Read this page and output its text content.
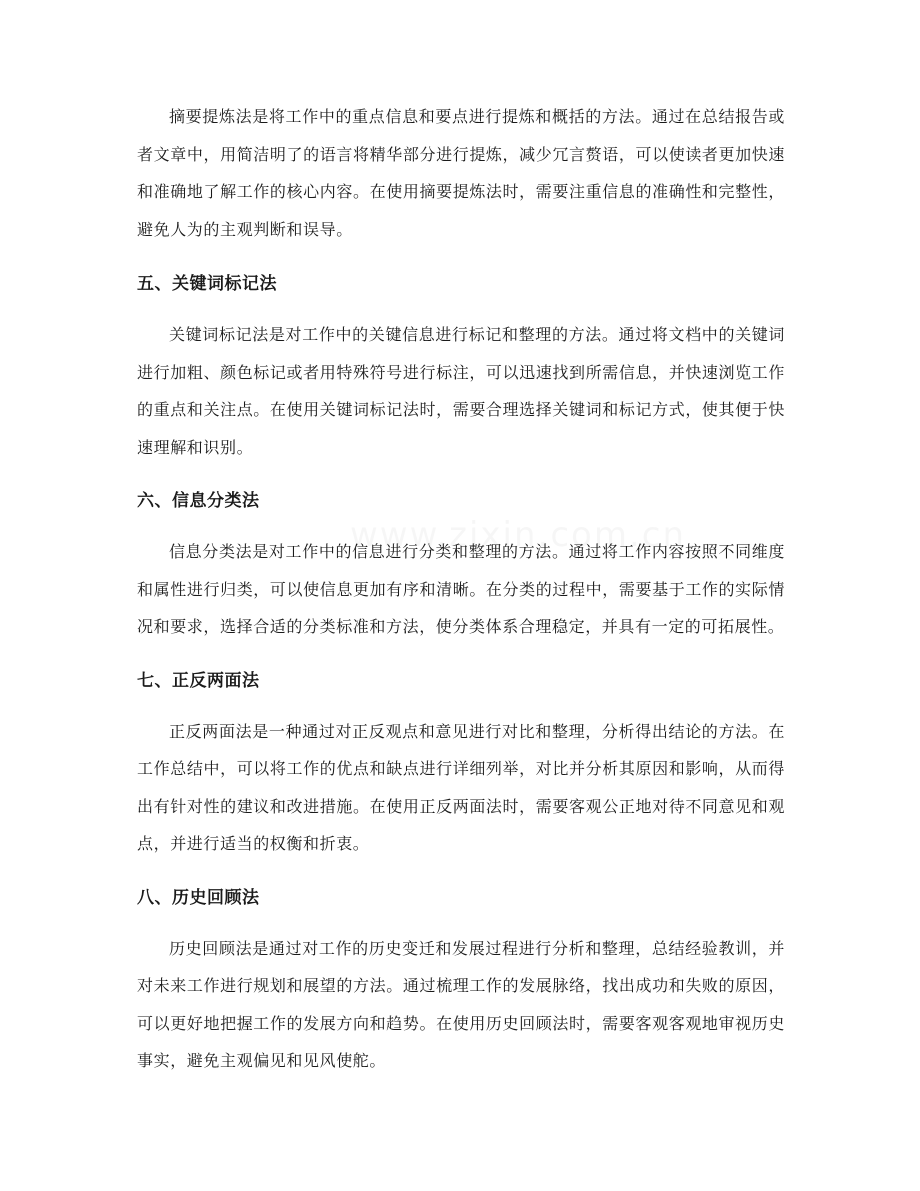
摘要提炼法是将工作中的重点信息和要点进行提炼和概括的方法。通过在总结报告或者文章中，用简洁明了的语言将精华部分进行提炼，减少冗言赘语，可以使读者更加快速和准确地了解工作的核心内容。在使用摘要提炼法时，需要注重信息的准确性和完整性，避免人为的主观判断和误导。

五、关键词标记法

关键词标记法是对工作中的关键信息进行标记和整理的方法。通过将文档中的关键词进行加粗、颜色标记或者用特殊符号进行标注，可以迅速找到所需信息，并快速浏览工作的重点和关注点。在使用关键词标记法时，需要合理选择关键词和标记方式，使其便于快速理解和识别。

六、信息分类法

信息分类法是对工作中的信息进行分类和整理的方法。通过将工作内容按照不同维度和属性进行归类，可以使信息更加有序和清晰。在分类的过程中，需要基于工作的实际情况和要求，选择合适的分类标准和方法，使分类体系合理稳定，并具有一定的可拓展性。

七、正反两面法

正反两面法是一种通过对正反观点和意见进行对比和整理，分析得出结论的方法。在工作总结中，可以将工作的优点和缺点进行详细列举，对比并分析其原因和影响，从而得出有针对性的建议和改进措施。在使用正反两面法时，需要客观公正地对待不同意见和观点，并进行适当的权衡和折衷。

八、历史回顾法

历史回顾法是通过对工作的历史变迁和发展过程进行分析和整理，总结经验教训，并对未来工作进行规划和展望的方法。通过梳理工作的发展脉络，找出成功和失败的原因，可以更好地把握工作的发展方向和趋势。在使用历史回顾法时，需要客观客观地审视历史事实，避免主观偏见和见风使舵。
